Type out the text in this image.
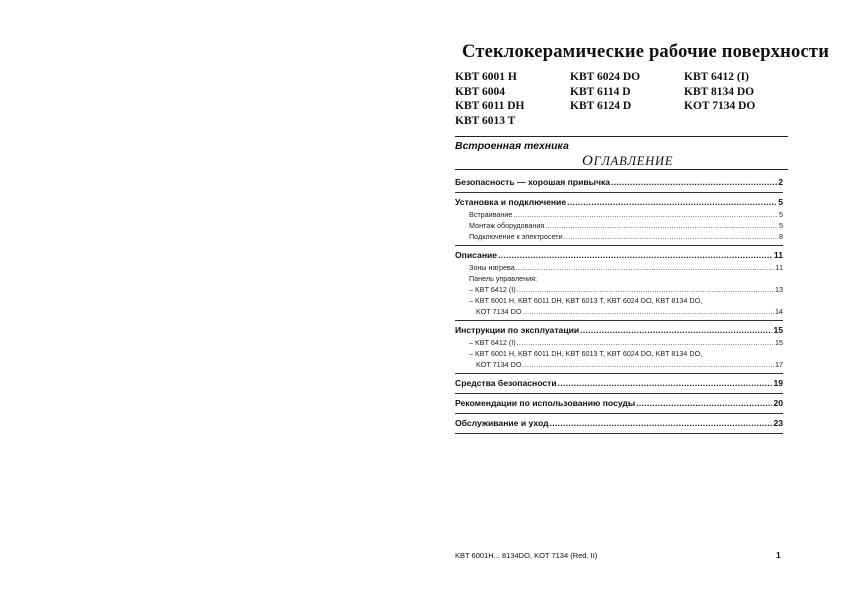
Стеклокерамические рабочие поверхности
KBT 6001 H
KBT 6004
KBT 6011 DH
KBT 6013 T
KBT 6024 DO
KBT 6114 D
KBT 6124 D
KBT 6412 (I)
KBT 8134 DO
KOT 7134 DO
Встроенная техника
ОГЛАВЛЕНИЕ
Безопасность — хорошая привычка .....	2
Установка и подключение .....	5
Встраивание .....	5
Монтаж оборудования .....	5
Подключение к электросети .....	8
Описание .....	11
Зоны нагрева .....	11
Панель управления:
– KBT 6412 (I) .....	13
– KBT 6001 H, KBT 6011 DH, KBT 6013 T, KBT 6024 DO, KBT 8134 DO,
KOT 7134 DO .....	14
Инструкции по эксплуатации .....	15
– KBT 6412 (I) .....	15
– KBT 6001 H, KBT 6011 DH, KBT 6013 T, KBT 6024 DO, KBT 8134 DO,
KOT 7134 DO .....	17
Средства безопасности .....	19
Рекомендации по использованию посуды .....	20
Обслуживание и уход .....	23
KBT 6001H... 8134DO, KOT 7134 (Red. II)	1
